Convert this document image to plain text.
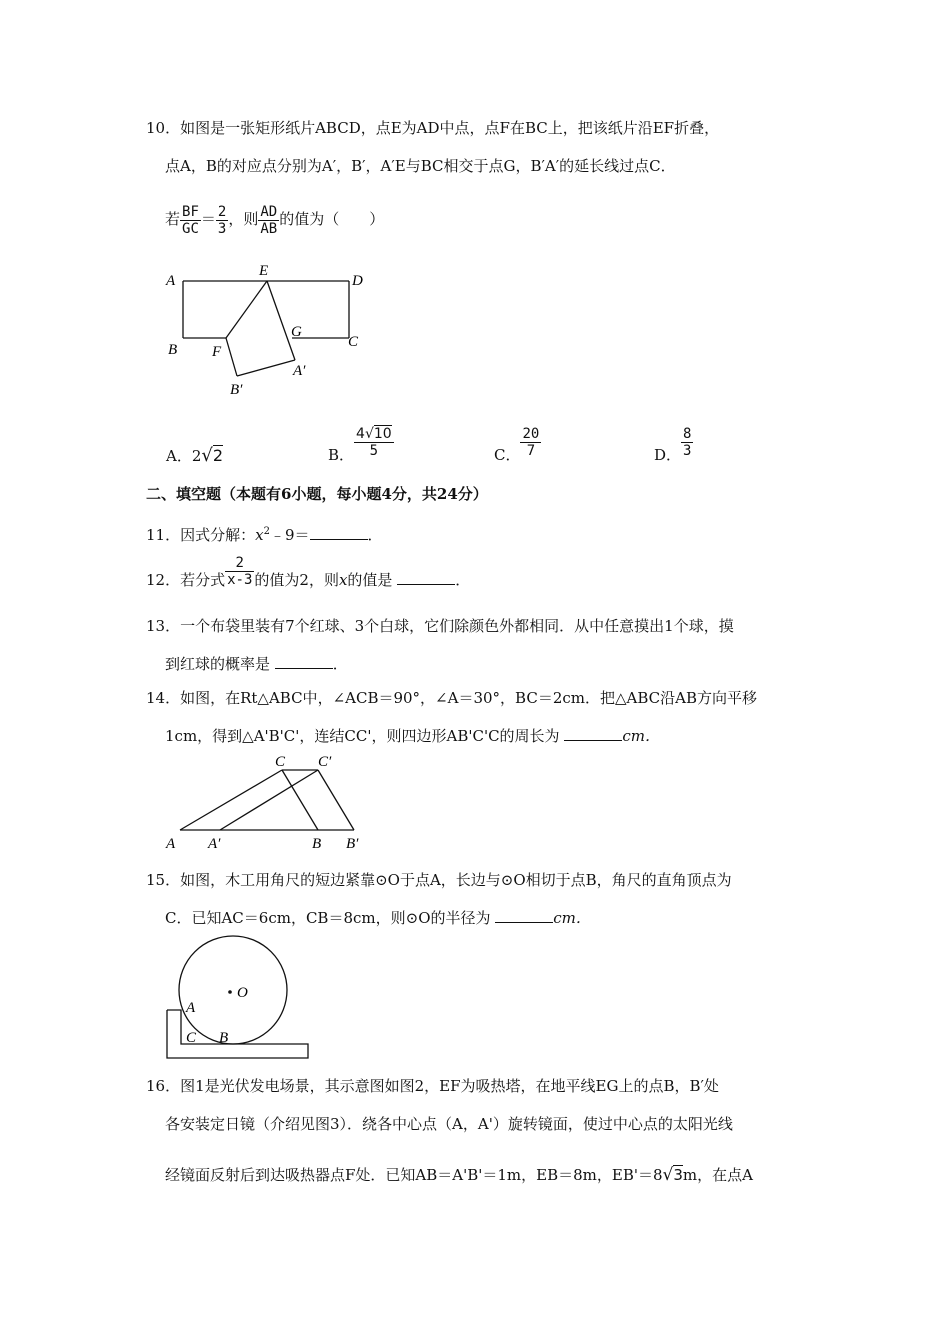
10．如图是一张矩形纸片ABCD，点E为AD中点，点F在BC上，把该纸片沿EF折叠，
点A，B的对应点分别为A′，B′，A′E与BC相交于点G，B′A′的延长线过点C．
若 $\frac{BF}{GC} = \frac{2}{3}$ ，则 $\frac{AD}{AB}$ 的值为（　　）
A
E
D
G
C
B F
A′
B′
A．2√2	B． $\frac{4√10}{5}$	C． $\frac{20}{7}$	D． $\frac{8}{3}$
二、填空题（本题有6小题，每小题4分，共24分）
11．因式分解：$x^2﹣9=$	．
12．若分式 $\frac{2}{x-3}$ 的值为2，则x的值是	．
13．一个布袋里装有7个红球、3个白球，它们除颜色外都相同．从中任意摸出1个球，摸
到红球的概率是	．
14．如图，在Rt△ABC中，∠ACB＝90°，∠A＝30°，BC＝2cm．把△ABC沿AB方向平移
1cm，得到△A'B'C'，连结CC'，则四边形AB'C'C的周长为	cm．
C C′
A A′	B B′
15．如图，木工用角尺的短边紧靠⊙O于点A，长边与⊙O相切于点B，角尺的直角顶点为
C．已知AC＝6cm，CB＝8cm，则⊙O的半径为	cm．
O
A
C B
16．图1是光伏发电场景，其示意图如图2，EF为吸热塔，在地平线EG上的点B，B′处
各安装定日镜（介绍见图3）．绕各中心点（A，A'）旋转镜面，使过中心点的太阳光线
经镜面反射后到达吸热器点F处．已知AB＝A'B'＝1m，EB＝8m，EB'＝8√3m，在点A
